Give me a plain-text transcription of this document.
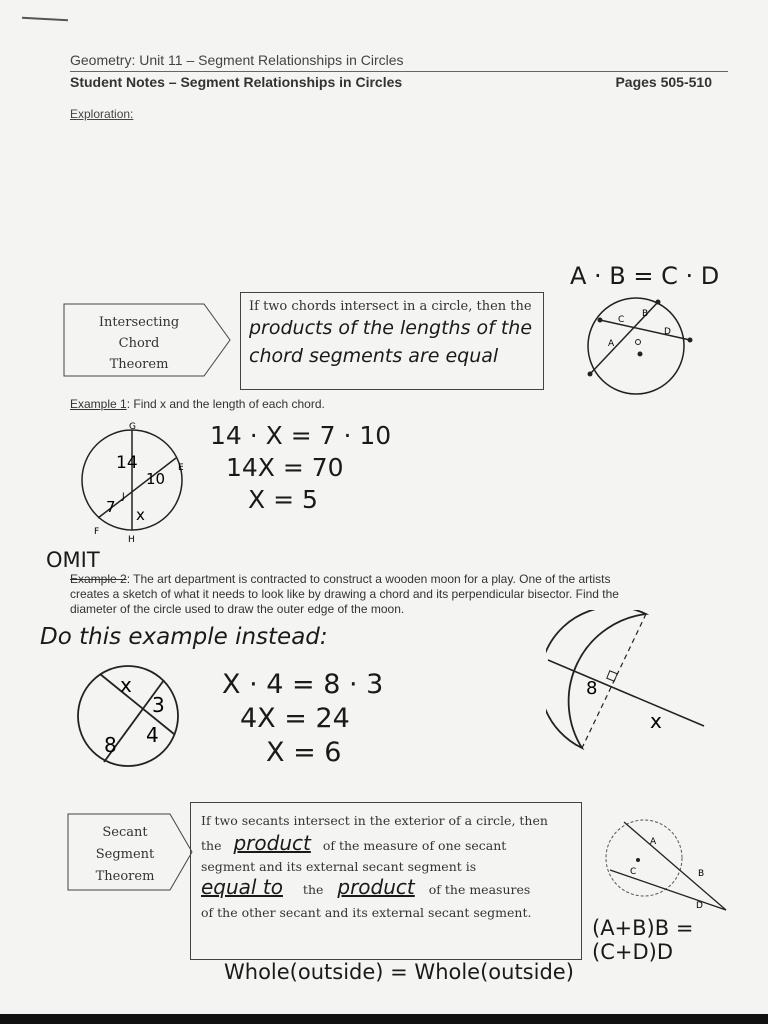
Geometry: Unit 11 – Segment Relationships in Circles
Student Notes – Segment Relationships in Circles	Pages 505-510
Exploration:
A · B = C · D
Intersecting
Chord
Theorem
If two chords intersect in a circle, then the
products of the lengths of the
chord segments are equal
C
B
D
A
Example 1: Find x and the length of each chord.
G
E
F
H
J
14
10
7 x
14 · X = 7 · 10
14X = 70
X = 5
OMIT
Example 2: The art department is contracted to construct a wooden moon for a play. One of the artists
creates a sketch of what it needs to look like by drawing a chord and its perpendicular bisector. Find the
diameter of the circle used to draw the outer edge of the moon.
Do this example instead:
x
3
8 4
X · 4 = 8 · 3
4X = 24
X = 6
8
x
Secant
Segment
Theorem
If two secants intersect in the exterior of a circle, then
the product of the measure of one secant
segment and its external secant segment is
equal to the product of the measures
of the other secant and its external secant segment.
A
B
C
D
(A+B)B = (C+D)D
Whole(outside) = Whole(outside)
